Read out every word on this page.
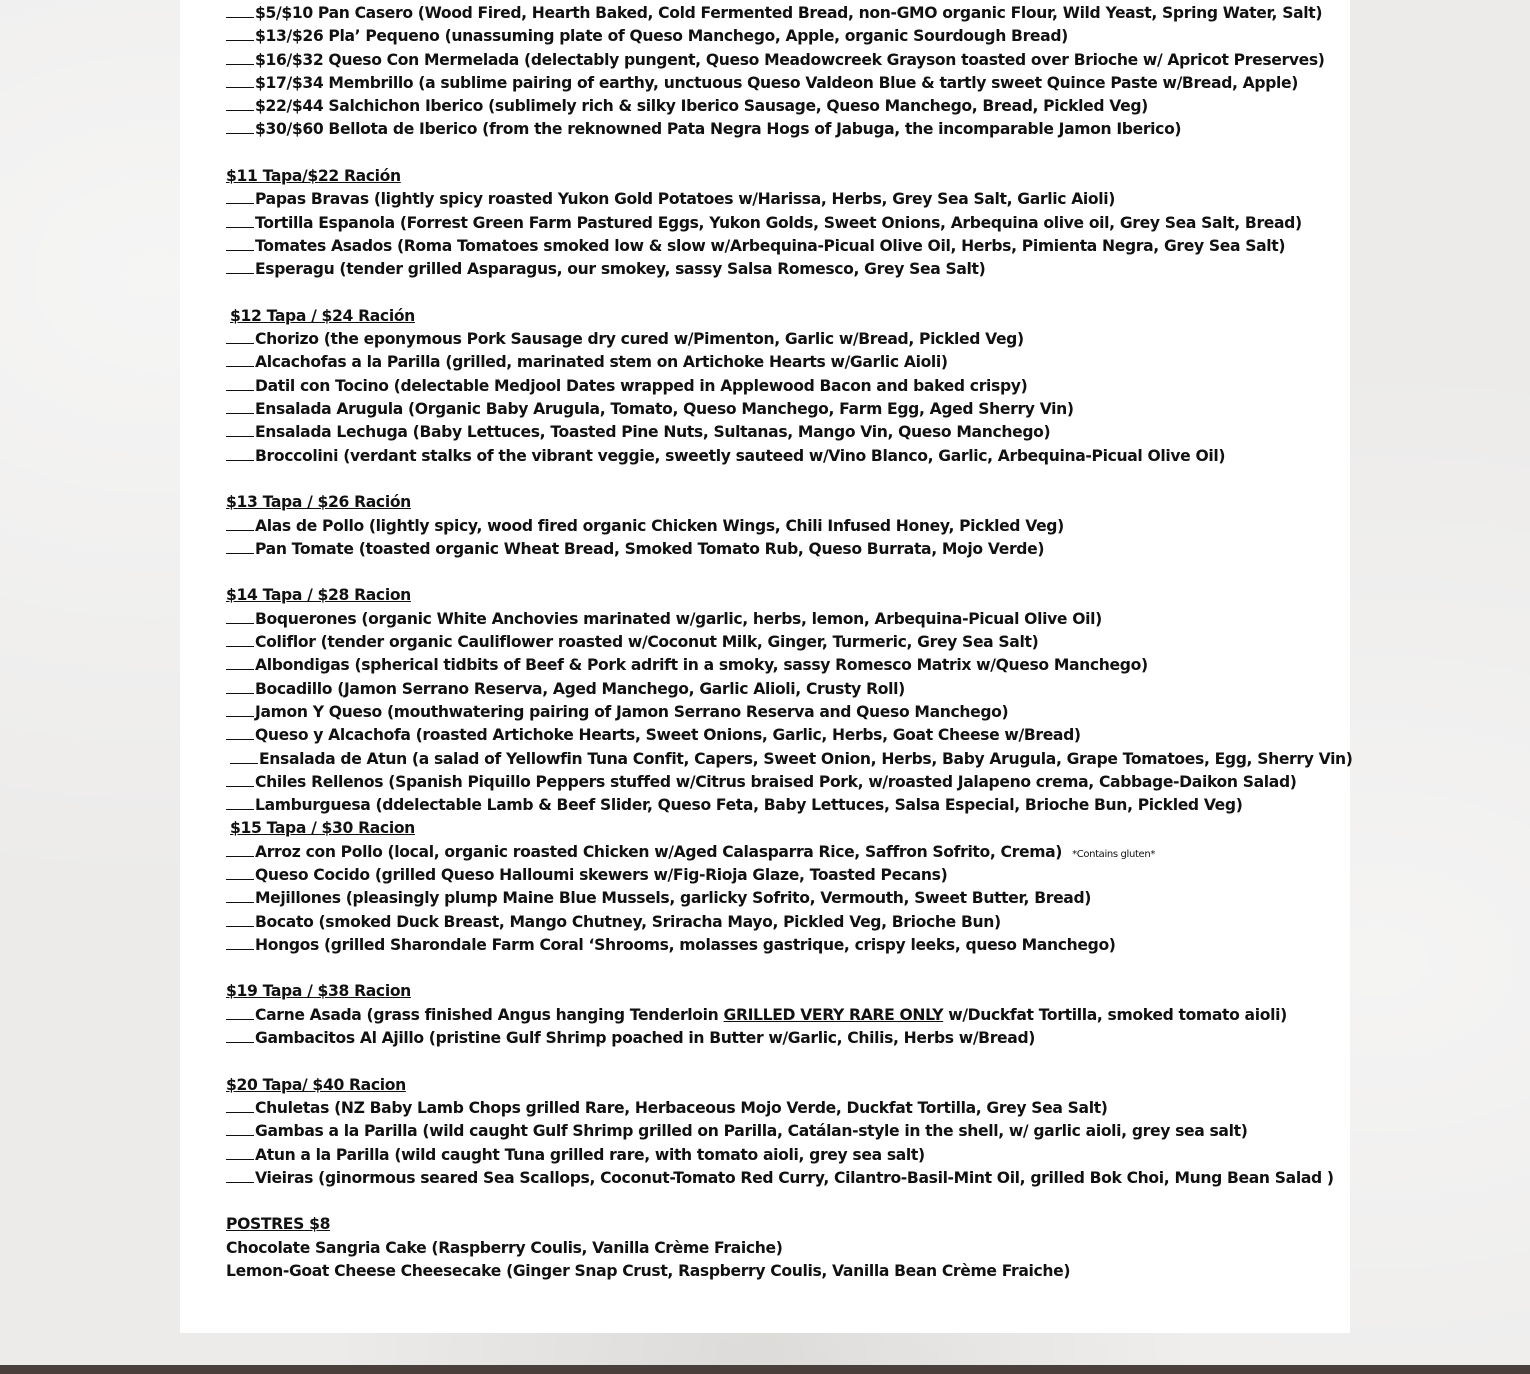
$5/$10 Pan Casero (Wood Fired, Hearth Baked, Cold Fermented Bread, non-GMO organic Flour, Wild Yeast, Spring Water, Salt)
$13/$26 Pla’ Pequeno (unassuming plate of Queso Manchego, Apple, organic Sourdough Bread)
$16/$32 Queso Con Mermelada (delectably pungent, Queso Meadowcreek Grayson toasted over Brioche w/ Apricot Preserves)
$17/$34 Membrillo (a sublime pairing of earthy, unctuous Queso Valdeon Blue & tartly sweet Quince Paste w/Bread, Apple)
$22/$44 Salchichon Iberico (sublimely rich & silky Iberico Sausage, Queso Manchego, Bread, Pickled Veg)
$30/$60 Bellota de Iberico (from the reknowned Pata Negra Hogs of Jabuga, the incomparable Jamon Iberico)
$11 Tapa/$22 Ración
Papas Bravas (lightly spicy roasted Yukon Gold Potatoes w/Harissa, Herbs, Grey Sea Salt, Garlic Aioli)
Tortilla Espanola (Forrest Green Farm Pastured Eggs, Yukon Golds, Sweet Onions, Arbequina olive oil, Grey Sea Salt, Bread)
Tomates Asados (Roma Tomatoes smoked low & slow w/Arbequina-Picual Olive Oil, Herbs, Pimienta Negra, Grey Sea Salt)
Esperagu (tender grilled Asparagus, our smokey, sassy Salsa Romesco, Grey Sea Salt)
$12 Tapa / $24 Ración
Chorizo (the eponymous Pork Sausage dry cured w/Pimenton, Garlic w/Bread, Pickled Veg)
Alcachofas a la Parilla (grilled, marinated stem on Artichoke Hearts w/Garlic Aioli)
Datil con Tocino (delectable Medjool Dates wrapped in Applewood Bacon and baked crispy)
Ensalada Arugula (Organic Baby Arugula, Tomato, Queso Manchego, Farm Egg, Aged Sherry Vin)
Ensalada Lechuga (Baby Lettuces, Toasted Pine Nuts, Sultanas, Mango Vin, Queso Manchego)
Broccolini (verdant stalks of the vibrant veggie, sweetly sauteed w/Vino Blanco, Garlic, Arbequina-Picual Olive Oil)
$13 Tapa / $26 Ración
Alas de Pollo (lightly spicy, wood fired organic Chicken Wings, Chili Infused Honey, Pickled Veg)
Pan Tomate (toasted organic Wheat Bread, Smoked Tomato Rub, Queso Burrata, Mojo Verde)
$14 Tapa / $28 Racion
Boquerones (organic White Anchovies marinated w/garlic, herbs, lemon, Arbequina-Picual Olive Oil)
Coliflor (tender organic Cauliflower roasted w/Coconut Milk, Ginger, Turmeric, Grey Sea Salt)
Albondigas (spherical tidbits of Beef & Pork adrift in a smoky, sassy Romesco Matrix w/Queso Manchego)
Bocadillo (Jamon Serrano Reserva, Aged Manchego, Garlic Alioli, Crusty Roll)
Jamon Y Queso (mouthwatering pairing of Jamon Serrano Reserva and Queso Manchego)
Queso y Alcachofa (roasted Artichoke Hearts, Sweet Onions, Garlic, Herbs, Goat Cheese w/Bread)
Ensalada de Atun (a salad of Yellowfin Tuna Confit, Capers, Sweet Onion, Herbs, Baby Arugula, Grape Tomatoes, Egg, Sherry Vin)
Chiles Rellenos (Spanish Piquillo Peppers stuffed w/Citrus braised Pork, w/roasted Jalapeno crema, Cabbage-Daikon Salad)
Lamburguesa (ddelectable Lamb & Beef Slider, Queso Feta, Baby Lettuces, Salsa Especial, Brioche Bun, Pickled Veg)
$15 Tapa / $30 Racion
Arroz con Pollo (local, organic roasted Chicken w/Aged Calasparra Rice, Saffron Sofrito, Crema) *Contains gluten*
Queso Cocido (grilled Queso Halloumi skewers w/Fig-Rioja Glaze, Toasted Pecans)
Mejillones (pleasingly plump Maine Blue Mussels, garlicky Sofrito, Vermouth, Sweet Butter, Bread)
Bocato (smoked Duck Breast, Mango Chutney, Sriracha Mayo, Pickled Veg, Brioche Bun)
Hongos (grilled Sharondale Farm Coral ‘Shrooms, molasses gastrique, crispy leeks, queso Manchego)
$19 Tapa / $38 Racion
Carne Asada (grass finished Angus hanging Tenderloin GRILLED VERY RARE ONLY w/Duckfat Tortilla, smoked tomato aioli)
Gambacitos Al Ajillo (pristine Gulf Shrimp poached in Butter w/Garlic, Chilis, Herbs w/Bread)
$20 Tapa/ $40 Racion
Chuletas (NZ Baby Lamb Chops grilled Rare, Herbaceous Mojo Verde, Duckfat Tortilla, Grey Sea Salt)
Gambas a la Parilla (wild caught Gulf Shrimp grilled on Parilla, Catálan-style in the shell, w/ garlic aioli, grey sea salt)
Atun a la Parilla (wild caught Tuna grilled rare, with tomato aioli, grey sea salt)
Vieiras (ginormous seared Sea Scallops, Coconut-Tomato Red Curry, Cilantro-Basil-Mint Oil, grilled Bok Choi, Mung Bean Salad )
POSTRES $8
Chocolate Sangria Cake (Raspberry Coulis, Vanilla Crème Fraiche)
Lemon-Goat Cheese Cheesecake (Ginger Snap Crust, Raspberry Coulis, Vanilla Bean Crème Fraiche)
